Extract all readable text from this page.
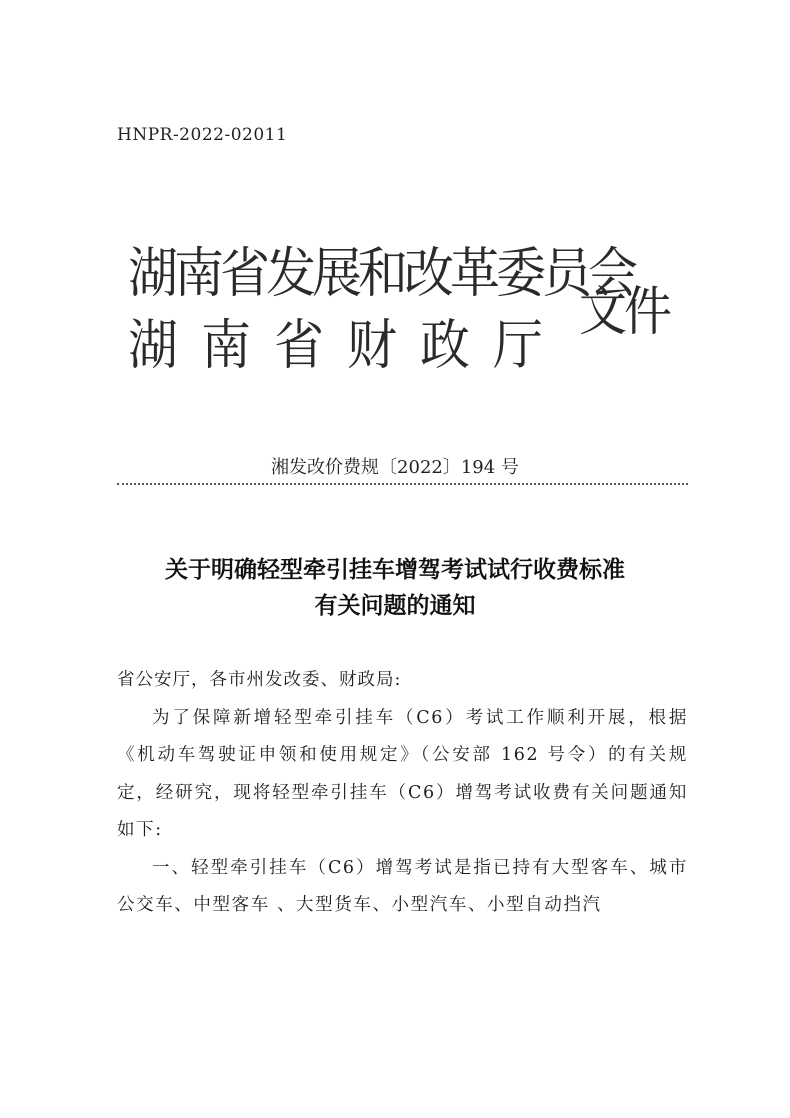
HNPR-2022-02011
湖南省发展和改革委员会
湖南省财政厅
文件
湘发改价费规〔2022〕194 号
关于明确轻型牵引挂车增驾考试试行收费标准
有关问题的通知

省公安厅，各市州发改委、财政局:

为了保障新增轻型牵引挂车（C6）考试工作顺利开展，根据《机动车驾驶证申领和使用规定》（公安部 162 号令）的有关规定，经研究，现将轻型牵引挂车（C6）增驾考试收费有关问题通知如下:

一、轻型牵引挂车（C6）增驾考试是指已持有大型客车、城市公交车、中型客车 、大型货车、小型汽车、小型自动挡汽
